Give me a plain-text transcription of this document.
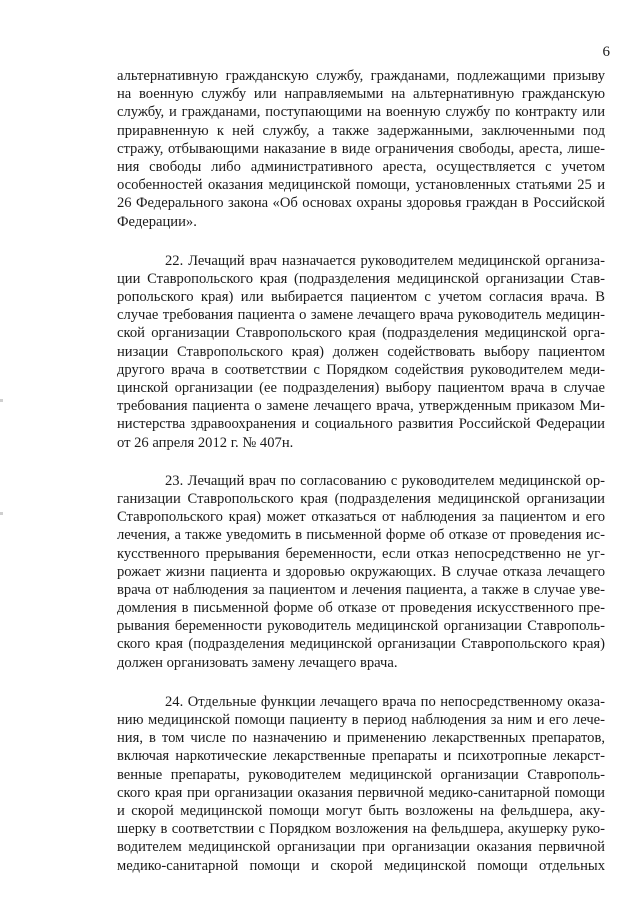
6
альтернативную гражданскую службу, гражданами, подлежащими призыву
на военную службу или направляемыми на альтернативную гражданскую
службу, и гражданами, поступающими на военную службу по контракту или
приравненную к ней службу, а также задержанными, заключенными под
стражу, отбывающими наказание в виде ограничения свободы, ареста, лише-
ния свободы либо административного ареста, осуществляется с учетом
особенностей оказания медицинской помощи, установленных статьями 25 и
26 Федерального закона «Об основах охраны здоровья граждан в Российской
Федерации».
22. Лечащий врач назначается руководителем медицинской организа-
ции Ставропольского края (подразделения медицинской организации Став-
ропольского края) или выбирается пациентом с учетом согласия врача. В
случае требования пациента о замене лечащего врача руководитель медицин-
ской организации Ставропольского края (подразделения медицинской орга-
низации Ставропольского края) должен содействовать выбору пациентом
другого врача в соответствии с Порядком содействия руководителем меди-
цинской организации (ее подразделения) выбору пациентом врача в случае
требования пациента о замене лечащего врача, утвержденным приказом Ми-
нистерства здравоохранения и социального развития Российской Федерации
от 26 апреля 2012 г. № 407н.
23. Лечащий врач по согласованию с руководителем медицинской ор-
ганизации Ставропольского края (подразделения медицинской организации
Ставропольского края) может отказаться от наблюдения за пациентом и его
лечения, а также уведомить в письменной форме об отказе от проведения ис-
кусственного прерывания беременности, если отказ непосредственно не уг-
рожает жизни пациента и здоровью окружающих. В случае отказа лечащего
врача от наблюдения за пациентом и лечения пациента, а также в случае уве-
домления в письменной форме об отказе от проведения искусственного пре-
рывания беременности руководитель медицинской организации Ставрополь-
ского края (подразделения медицинской организации Ставропольского края)
должен организовать замену лечащего врача.
24. Отдельные функции лечащего врача по непосредственному оказа-
нию медицинской помощи пациенту в период наблюдения за ним и его лече-
ния, в том числе по назначению и применению лекарственных препаратов,
включая наркотические лекарственные препараты и психотропные лекарст-
венные препараты, руководителем медицинской организации Ставрополь-
ского края при организации оказания первичной медико-санитарной помощи
и скорой медицинской помощи могут быть возложены на фельдшера, аку-
шерку в соответствии с Порядком возложения на фельдшера, акушерку руко-
водителем медицинской организации при организации оказания первичной
медико-санитарной помощи и скорой медицинской помощи отдельных
